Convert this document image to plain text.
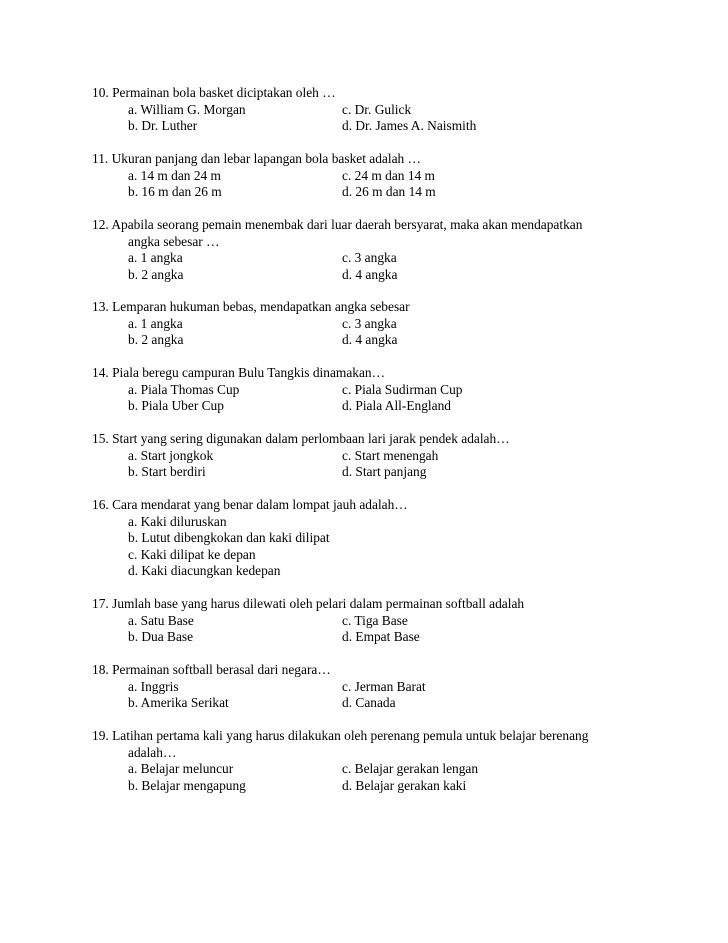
10. Permainan bola basket diciptakan oleh …
a. William G. Morgan	c. Dr. Gulick
b. Dr. Luther	d. Dr. James A. Naismith
11. Ukuran panjang dan lebar lapangan bola basket adalah …
a. 14 m dan 24 m	c. 24 m dan 14 m
b. 16 m dan 26 m	d. 26 m dan 14 m
12. Apabila seorang pemain menembak dari luar daerah bersyarat, maka akan mendapatkan
angka sebesar …
a. 1 angka	c. 3 angka
b. 2 angka	d. 4 angka
13. Lemparan hukuman bebas, mendapatkan angka sebesar
a. 1 angka	c. 3 angka
b. 2 angka	d. 4 angka
14. Piala beregu campuran Bulu Tangkis dinamakan…
a. Piala Thomas Cup	c. Piala Sudirman Cup
b. Piala Uber Cup	d. Piala All-England
15. Start yang sering digunakan dalam perlombaan lari jarak pendek adalah…
a. Start jongkok	c. Start menengah
b. Start berdiri	d. Start panjang
16. Cara mendarat yang benar dalam lompat jauh adalah…
a. Kaki diluruskan
b. Lutut dibengkokan dan kaki dilipat
c. Kaki dilipat ke depan
d. Kaki diacungkan kedepan
17. Jumlah base yang harus dilewati oleh pelari dalam permainan softball adalah
a. Satu Base	c. Tiga Base
b. Dua Base	d. Empat Base
18. Permainan softball berasal dari negara…
a. Inggris	c. Jerman Barat
b. Amerika Serikat	d. Canada
19. Latihan pertama kali yang harus dilakukan oleh perenang pemula untuk belajar berenang
adalah…
a. Belajar meluncur	c. Belajar gerakan lengan
b. Belajar mengapung	d. Belajar gerakan kaki
